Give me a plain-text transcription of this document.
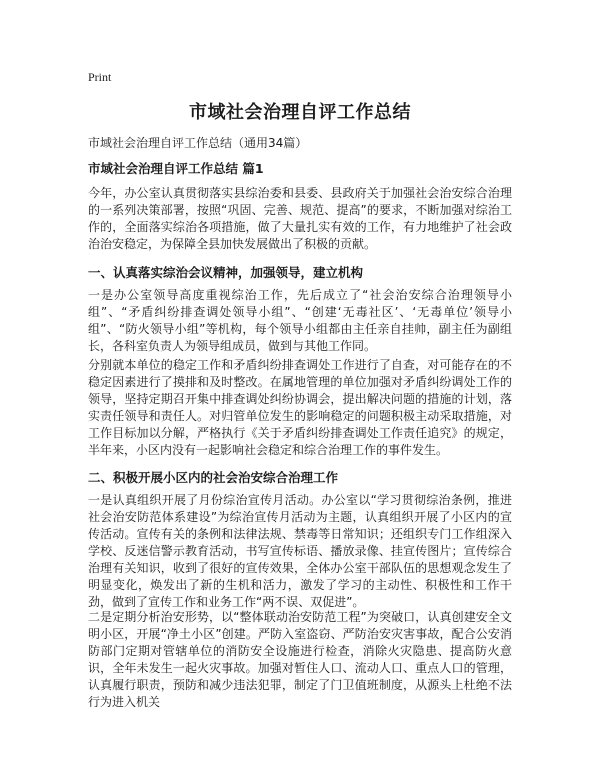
Print
市域社会治理自评工作总结

市域社会治理自评工作总结（通用34篇）

市域社会治理自评工作总结 篇1

今年，办公室认真贯彻落实县综治委和县委、县政府关于加强社会治安综合治理的一系列决策部署，按照“巩固、完善、规范、提高”的要求，不断加强对综治工作的，全面落实综治各项措施，做了大量扎实有效的工作，有力地维护了社会政治治安稳定，为保障全县加快发展做出了积极的贡献。

一、认真落实综治会议精神，加强领导，建立机构

一是办公室领导高度重视综治工作，先后成立了“社会治安综合治理领导小组”、“矛盾纠纷排查调处领导小组”、“创建‘无毒社区’、‘无毒单位’领导小组”、“防火领导小组”等机构，每个领导小组都由主任亲自挂帅，副主任为副组长，各科室负责人为领导组成员，做到与其他工作同。

分别就本单位的稳定工作和矛盾纠纷排查调处工作进行了自查，对可能存在的不稳定因素进行了摸排和及时整改。在属地管理的单位加强对矛盾纠纷调处工作的领导，坚持定期召开集中排查调处纠纷协调会，提出解决问题的措施的计划，落实责任领导和责任人。对归管单位发生的影响稳定的问题积极主动采取措施，对工作目标加以分解，严格执行《关于矛盾纠纷排查调处工作责任追究》的规定，半年来，小区内没有一起影响社会稳定和综合治理工作的事件发生。

二、积极开展小区内的社会治安综合治理工作

一是认真组织开展了月份综治宣传月活动。办公室以“学习贯彻综治条例，推进社会治安防范体系建设”为综治宣传月活动为主题，认真组织开展了小区内的宣传活动。宣传有关的条例和法律法规、禁毒等日常知识；还组织专门工作组深入学校、反迷信警示教育活动，书写宣传标语、播放录像、挂宣传图片；宣传综合治理有关知识，收到了很好的宣传效果，全体办公室干部队伍的思想观念发生了明显变化，焕发出了新的生机和活力，激发了学习的主动性、积极性和工作干劲，做到了宣传工作和业务工作“两不误、双促进”。

二是定期分析治安形势，以“整体联动治安防范工程”为突破口，认真创建安全文明小区，开展“净土小区”创建。严防入室盗窃、严防治安灾害事故，配合公安消防部门定期对管辖单位的消防安全设施进行检查，消除火灾隐患、提高防火意识，全年未发生一起火灾事故。加强对暂住人口、流动人口、重点人口的管理，认真履行职责，预防和减少违法犯罪，制定了门卫值班制度，从源头上杜绝不法行为进入机关
